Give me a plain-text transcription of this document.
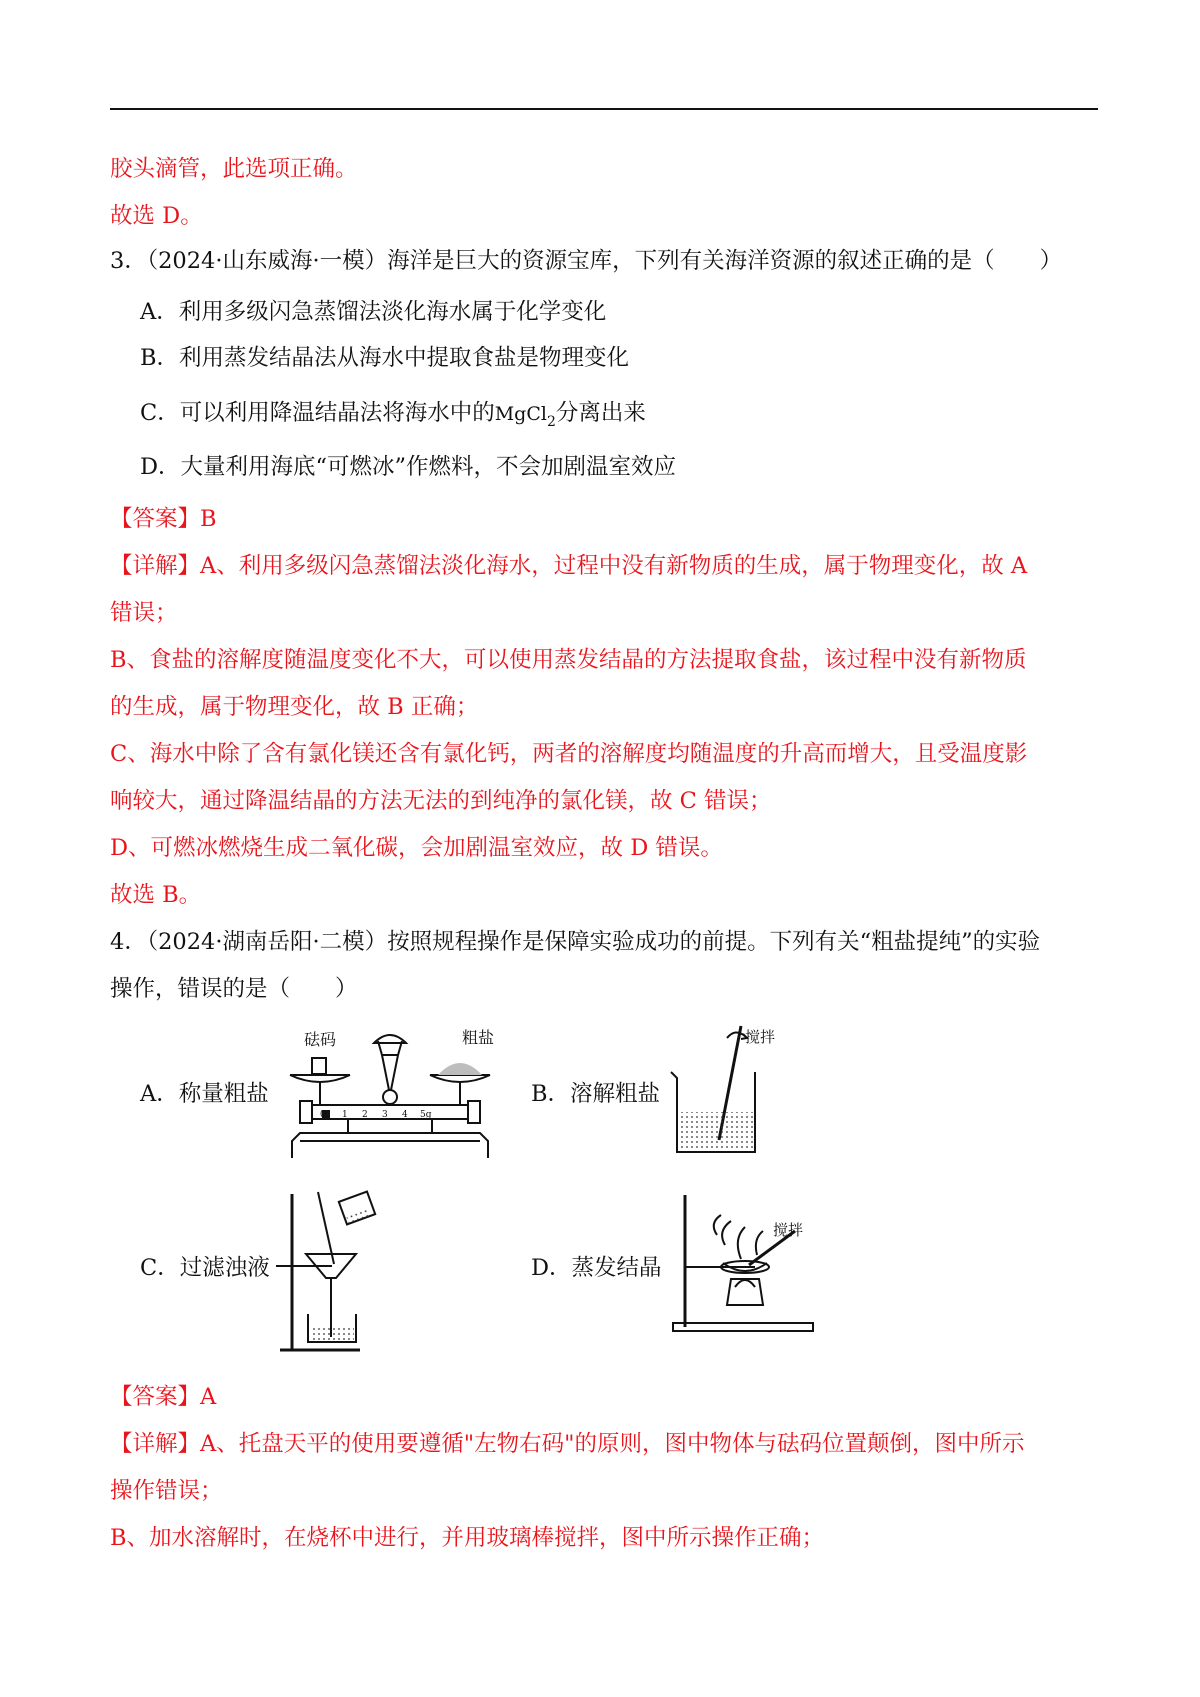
胶头滴管，此选项正确。
故选 D。
3．（2024·山东威海·一模）海洋是巨大的资源宝库，下列有关海洋资源的叙述正确的是（　　）
A．利用多级闪急蒸馏法淡化海水属于化学变化
B．利用蒸发结晶法从海水中提取食盐是物理变化
C．可以利用降温结晶法将海水中的MgCl$_2$分离出来
D．大量利用海底“可燃冰”作燃料，不会加剧温室效应
【答案】B
【详解】A、利用多级闪急蒸馏法淡化海水，过程中没有新物质的生成，属于物理变化，故 A
错误；
B、食盐的溶解度随温度变化不大，可以使用蒸发结晶的方法提取食盐，该过程中没有新物质
的生成，属于物理变化，故 B 正确；
C、海水中除了含有氯化镁还含有氯化钙，两者的溶解度均随温度的升高而增大，且受温度影
响较大，通过降温结晶的方法无法的到纯净的氯化镁，故 C 错误；
D、可燃冰燃烧生成二氧化碳，会加剧温室效应，故 D 错误。
故选 B。
4．（2024·湖南岳阳·二模）按照规程操作是保障实验成功的前提。下列有关“粗盐提纯”的实验
操作，错误的是（　　）
A．称量粗盐
0 1 2 3 4 5g
砝码	粗盐
B．溶解粗盐
搅拌
C．过滤浊液	D．蒸发结晶
搅拌
【答案】A
【详解】A、托盘天平的使用要遵循"左物右码"的原则，图中物体与砝码位置颠倒，图中所示
操作错误；
B、加水溶解时，在烧杯中进行，并用玻璃棒搅拌，图中所示操作正确；
